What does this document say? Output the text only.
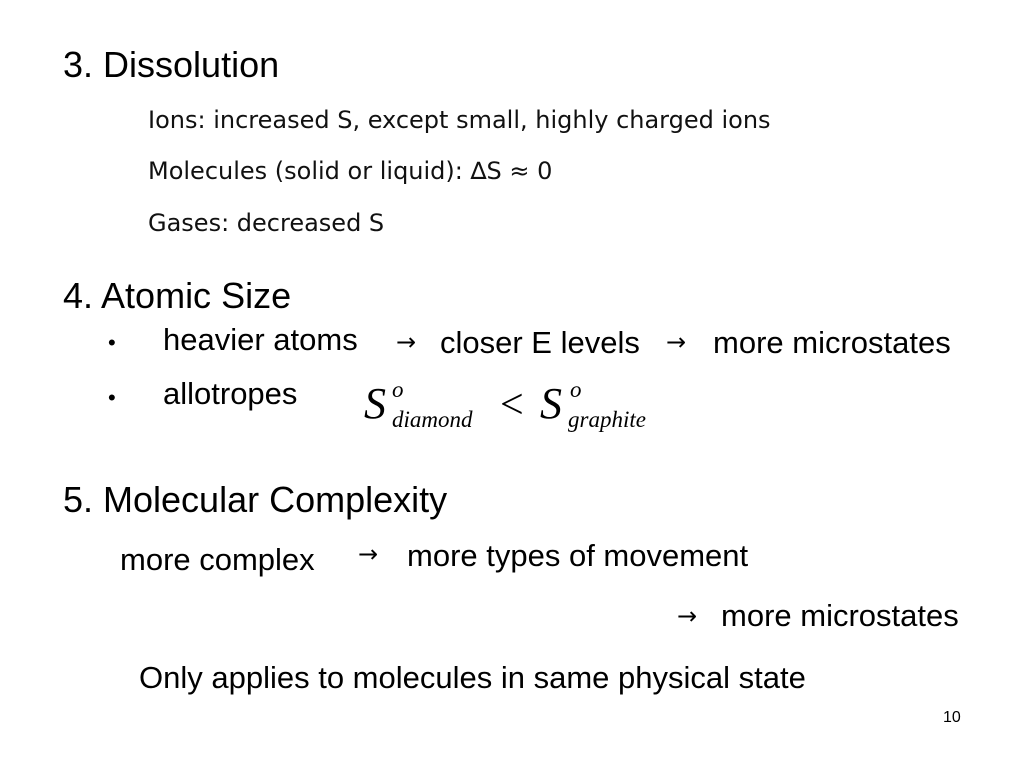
3. Dissolution
Ions: increased S, except small, highly charged ions
Molecules (solid or liquid): ∆S ≈ 0
Gases: decreased S
4. Atomic Size
• heavier atoms → closer E levels → more microstates
• allotropes S o
diamond < S o
graphite
5. Molecular Complexity
more complex → more types of movement
→ more microstates
Only applies to molecules in same physical state
10
